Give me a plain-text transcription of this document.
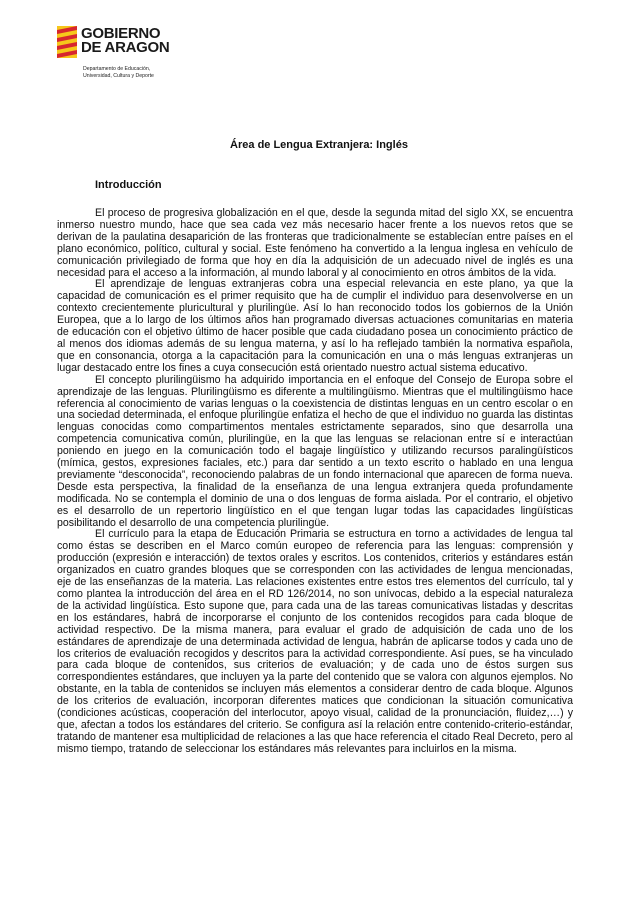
GOBIERNO
DE ARAGON
Departamento de Educación,
Universidad, Cultura y Deporte
Área de Lengua Extranjera: Inglés
Introducción

El proceso de progresiva globalización en el que, desde la segunda mitad del siglo XX, se encuentra inmerso nuestro mundo, hace que sea cada vez más necesario hacer frente a los nuevos retos que se derivan de la paulatina desaparición de las fronteras que tradicionalmente se establecían entre países en el plano económico, político, cultural y social. Este fenómeno ha convertido a la lengua inglesa en vehículo de comunicación privilegiado de forma que hoy en día la adquisición de un adecuado nivel de inglés es una necesidad para el acceso a la información, al mundo laboral y al conocimiento en otros ámbitos de la vida.

El aprendizaje de lenguas extranjeras cobra una especial relevancia en este plano, ya que la capacidad de comunicación es el primer requisito que ha de cumplir el individuo para desenvolverse en un contexto crecientemente pluricultural y plurilingüe. Así lo han reconocido todos los gobiernos de la Unión Europea, que a lo largo de los últimos años han programado diversas actuaciones comunitarias en materia de educación con el objetivo último de hacer posible que cada ciudadano posea un conocimiento práctico de al menos dos idiomas además de su lengua materna, y así lo ha reflejado también la normativa española, que en consonancia, otorga a la capacitación para la comunicación en una o más lenguas extranjeras un lugar destacado entre los fines a cuya consecución está orientado nuestro actual sistema educativo.

El concepto plurilingüismo ha adquirido importancia en el enfoque del Consejo de Europa sobre el aprendizaje de las lenguas. Plurilingüismo es diferente a multilingüismo. Mientras que el multilingüismo hace referencia al conocimiento de varias lenguas o la coexistencia de distintas lenguas en un centro escolar o en una sociedad determinada, el enfoque plurilingüe enfatiza el hecho de que el individuo no guarda las distintas lenguas conocidas como compartimentos mentales estrictamente separados, sino que desarrolla una competencia comunicativa común, plurilingüe, en la que las lenguas se relacionan entre sí e interactúan poniendo en juego en la comunicación todo el bagaje lingüístico y utilizando recursos paralingüísticos (mímica, gestos, expresiones faciales, etc.) para dar sentido a un texto escrito o hablado en una lengua previamente “desconocida”, reconociendo palabras de un fondo internacional que aparecen de forma nueva. Desde esta perspectiva, la finalidad de la enseñanza de una lengua extranjera queda profundamente modificada. No se contempla el dominio de una o dos lenguas de forma aislada. Por el contrario, el objetivo es el desarrollo de un repertorio lingüístico en el que tengan lugar todas las capacidades lingüísticas posibilitando el desarrollo de una competencia plurilingüe.

El currículo para la etapa de Educación Primaria se estructura en torno a actividades de lengua tal como éstas se describen en el Marco común europeo de referencia para las lenguas: comprensión y producción (expresión e interacción) de textos orales y escritos. Los contenidos, criterios y estándares están organizados en cuatro grandes bloques que se corresponden con las actividades de lengua mencionadas, eje de las enseñanzas de la materia. Las relaciones existentes entre estos tres elementos del currículo, tal y como plantea la introducción del área en el RD 126/2014, no son unívocas, debido a la especial naturaleza de la actividad lingüística. Esto supone que, para cada una de las tareas comunicativas listadas y descritas en los estándares, habrá de incorporarse el conjunto de los contenidos recogidos para cada bloque de actividad respectivo. De la misma manera, para evaluar el grado de adquisición de cada uno de los estándares de aprendizaje de una determinada actividad de lengua, habrán de aplicarse todos y cada uno de los criterios de evaluación recogidos y descritos para la actividad correspondiente. Así pues, se ha vinculado para cada bloque de contenidos, sus criterios de evaluación; y de cada uno de éstos surgen sus correspondientes estándares, que incluyen ya la parte del contenido que se valora con algunos ejemplos. No obstante, en la tabla de contenidos se incluyen más elementos a considerar dentro de cada bloque. Algunos de los criterios de evaluación, incorporan diferentes matices que condicionan la situación comunicativa (condiciones acústicas, cooperación del interlocutor, apoyo visual, calidad de la pronunciación, fluidez,…) y que, afectan a todos los estándares del criterio. Se configura así la relación entre contenido-criterio-estándar, tratando de mantener esa multiplicidad de relaciones a las que hace referencia el citado Real Decreto, pero al mismo tiempo, tratando de seleccionar los estándares más relevantes para incluirlos en la misma.
